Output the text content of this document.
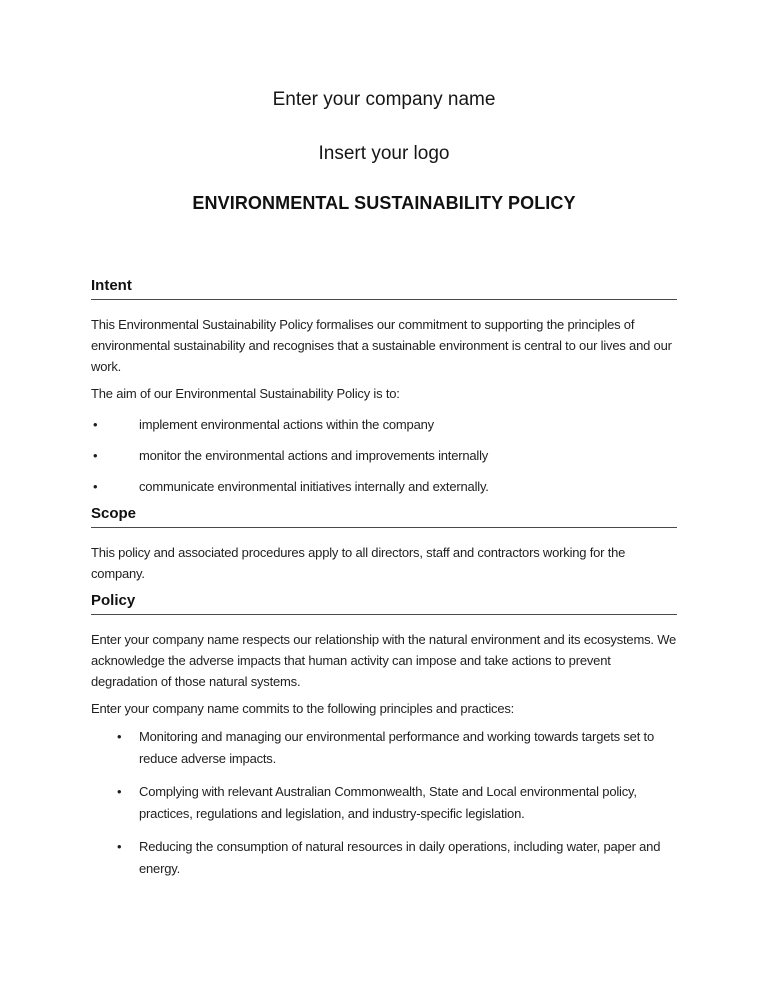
Enter your company name

Insert your logo

ENVIRONMENTAL SUSTAINABILITY POLICY

Intent

This Environmental Sustainability Policy formalises our commitment to supporting the principles of environmental sustainability and recognises that a sustainable environment is central to our lives and our work.

The aim of our Environmental Sustainability Policy is to:

• implement environmental actions within the company
• monitor the environmental actions and improvements internally
• communicate environmental initiatives internally and externally.
Scope

This policy and associated procedures apply to all directors, staff and contractors working for the company.

Policy

Enter your company name respects our relationship with the natural environment and its ecosystems. We acknowledge the adverse impacts that human activity can impose and take actions to prevent degradation of those natural systems.

Enter your company name commits to the following principles and practices:

• Monitoring and managing our environmental performance and working towards targets set to reduce adverse impacts.
• Complying with relevant Australian Commonwealth, State and Local environmental policy, practices, regulations and legislation, and industry-specific legislation.
• Reducing the consumption of natural resources in daily operations, including water, paper and energy.
